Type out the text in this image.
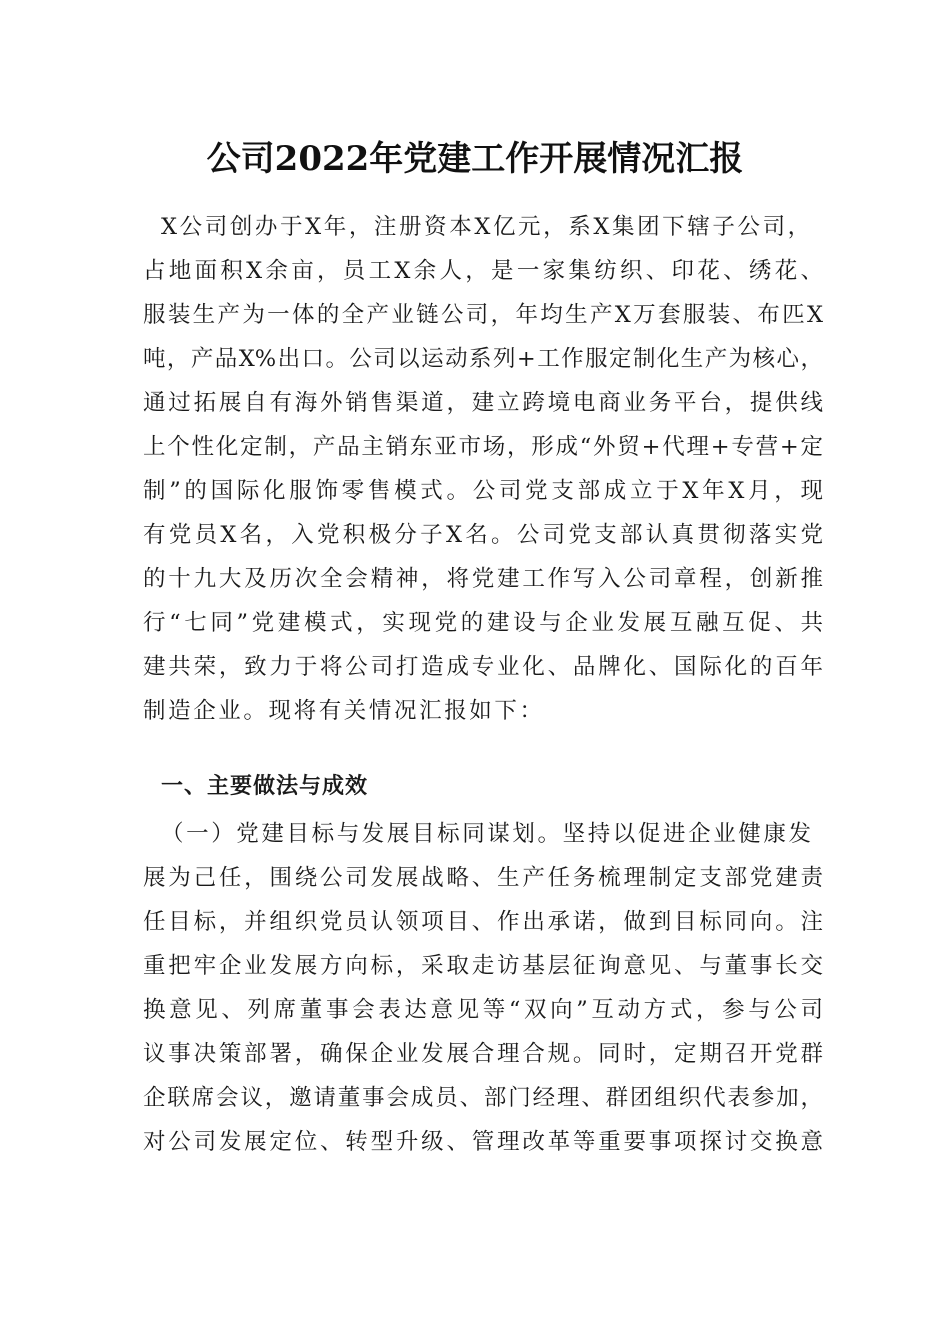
公司2022年党建工作开展情况汇报
X公司创办于X年，注册资本X亿元，系X集团下辖子公司，
占地面积X余亩，员工X余人，是一家集纺织、印花、绣花、
服装生产为一体的全产业链公司，年均生产X万套服装、布匹X
吨，产品X%出口。公司以运动系列+工作服定制化生产为核心，
通过拓展自有海外销售渠道，建立跨境电商业务平台，提供线
上个性化定制，产品主销东亚市场，形成“外贸+代理+专营+定
制”的国际化服饰零售模式。公司党支部成立于X年X月，现
有党员X名，入党积极分子X名。公司党支部认真贯彻落实党
的十九大及历次全会精神，将党建工作写入公司章程，创新推
行“七同”党建模式，实现党的建设与企业发展互融互促、共
建共荣，致力于将公司打造成专业化、品牌化、国际化的百年
制造企业。现将有关情况汇报如下：
一、主要做法与成效
（一）党建目标与发展目标同谋划。坚持以促进企业健康发
展为己任，围绕公司发展战略、生产任务梳理制定支部党建责
任目标，并组织党员认领项目、作出承诺，做到目标同向。注
重把牢企业发展方向标，采取走访基层征询意见、与董事长交
换意见、列席董事会表达意见等“双向”互动方式，参与公司
议事决策部署，确保企业发展合理合规。同时，定期召开党群
企联席会议，邀请董事会成员、部门经理、群团组织代表参加，
对公司发展定位、转型升级、管理改革等重要事项探讨交换意
